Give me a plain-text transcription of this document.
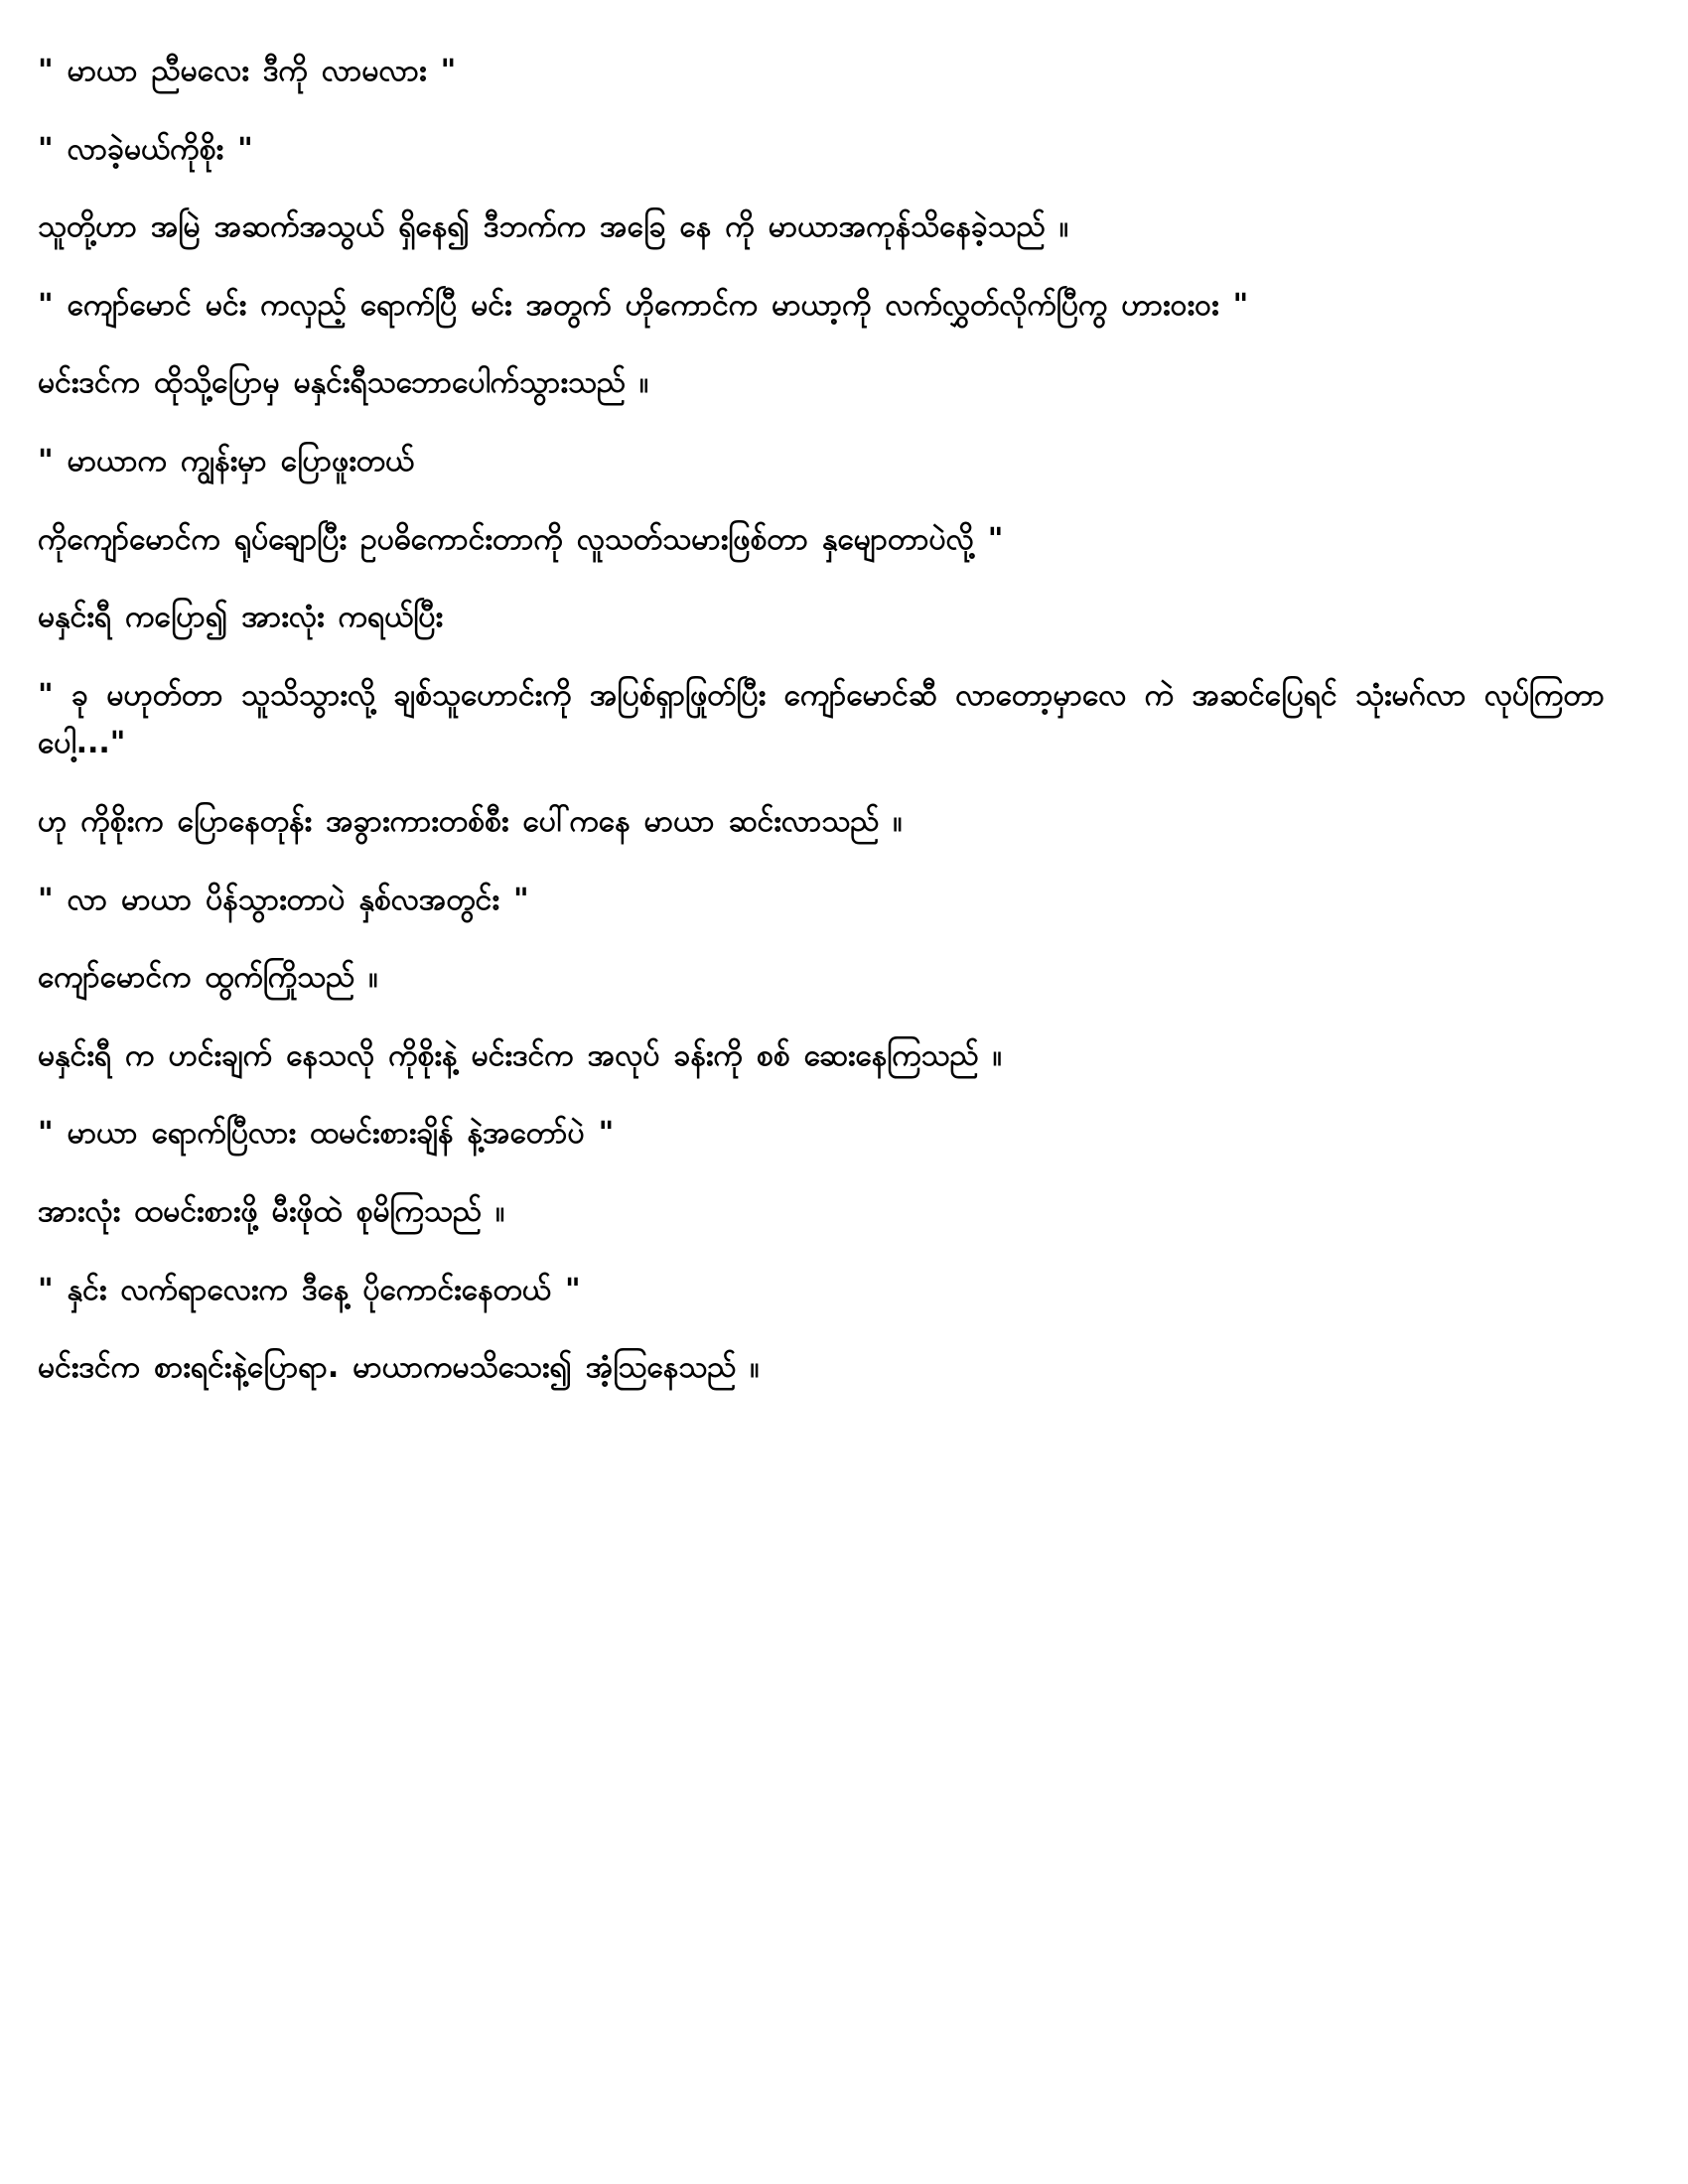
" မာယာ ညီမလေး ဒီကို လာမလား "

" လာခဲ့မယ်ကိုစိုး "

သူတို့ဟာ အမြဲ အဆက်အသွယ် ရှိနေ၍ ဒီဘက်က အခြေ နေ ကို မာယာအကုန်သိနေခဲ့သည် ။

" ကျော်မောင် မင်း ကလှည့် ရောက်ပြီ မင်း အတွက် ဟိုကောင်က မာယာ့ကို လက်လွှတ်လိုက်ပြီကွ ဟား၀း၀း "

မင်းဒင်က ထိုသို့ပြောမှ မနှင်းရီသဘောပေါက်သွားသည် ။

" မာယာက ကျွန်းမှာ ပြောဖူးတယ်

ကိုကျော်မောင်က ရုပ်ချောပြီး ဥပဓိကောင်းတာကို လူသတ်သမားဖြစ်တာ နှမျောတာပဲလို့ "

မနှင်းရီ ကပြော၍ အားလုံး ကရယ်ပြီး

" ခု မဟုတ်တာ သူသိသွားလို့ ချစ်သူဟောင်းကို အပြစ်ရှာဖြုတ်ပြီး ကျော်မောင်ဆီ လာတော့မှာလေ ကဲ အဆင်ပြေရင် သုံးမဂ်လာ လုပ်ကြတာပေါ့..."

ဟု ကိုစိုးက ပြောနေတုန်း အခွားကားတစ်စီး ပေါ်ကနေ မာယာ ဆင်းလာသည် ။

" လာ မာယာ ပိန်သွားတာပဲ နှစ်လအတွင်း "

ကျော်မောင်က ထွက်ကြိုသည် ။

မနှင်းရီ က ဟင်းချက် နေသလို ကိုစိုးနဲ့ မင်းဒင်က အလုပ် ခန်းကို စစ် ဆေးနေကြသည် ။

" မာယာ ရောက်ပြီလား ထမင်းစားချိန် နဲ့အတော်ပဲ "

အားလုံး ထမင်းစားဖို့ မီးဖိုထဲ စုမိကြသည် ။

" နှင်း လက်ရာလေးက ဒီနေ့ ပိုကောင်းနေတယ် "

မင်းဒင်က စားရင်းနဲ့ပြောရာ. မာယာကမသိသေး၍ အံ့သြနေသည် ။
